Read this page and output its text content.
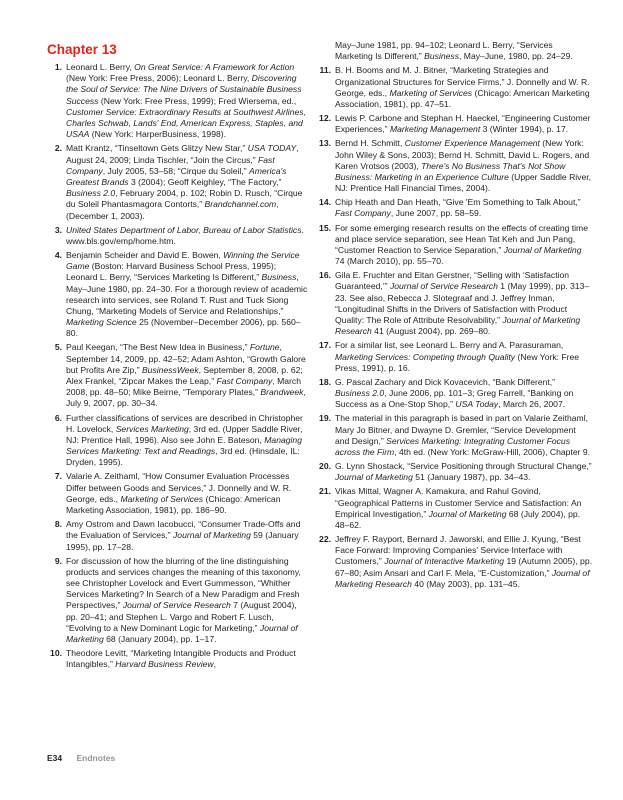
Chapter 13
1 . Leonard L. Berry, On Great Service: A Framework for Action (New York: Free Press, 2006); Leonard L. Berry, Discovering the Soul of Service: The Nine Drivers of Sustainable Business Success (New York: Free Press, 1999); Fred Wiersema, ed., Customer Service: Extraordinary Results at Southwest Airlines, Charles Schwab, Lands' End, American Express, Staples, and USAA (New York: HarperBusiness, 1998).
2 . Matt Krantz, “Tinseltown Gets Glitzy New Star,” USA TODAY, August 24, 2009; Linda Tischler, “Join the Circus,” Fast Company, July 2005, 53–58; “Cirque du Soleil,” America's Greatest Brands 3 (2004); Geoff Keighley, “The Factory,” Business 2.0, February 2004, p. 102; Robin D. Rusch, “Cirque du Soleil Phantasmagora Contorts,” Brandchannel.com, (December 1, 2003).
3 . United States Department of Labor, Bureau of Labor Statistics. www.bls.gov/emp/home.htm.
4 . Benjamin Scheider and David E. Bowen, Winning the Service Game (Boston: Harvard Business School Press, 1995); Leonard L. Berry, “Services Marketing Is Different,” Business, May–June 1980, pp. 24–30. For a thorough review of academic research into services, see Roland T. Rust and Tuck Siong Chung, “Marketing Models of Service and Relationships,” Marketing Science 25 (November–December 2006), pp. 560–80.
5 . Paul Keegan, “The Best New Idea in Business,” Fortune, September 14, 2009, pp. 42–52; Adam Ashton, “Growth Galore but Profits Are Zip,” BusinessWeek, September 8, 2008, p. 62; Alex Frankel, “Zipcar Makes the Leap,” Fast Company, March 2008, pp. 48–50; Mike Beirne, “Temporary Plates,” Brandweek, July 9, 2007, pp. 30–34.
6 . Further classifications of services are described in Christopher H. Lovelock, Services Marketing, 3rd ed. (Upper Saddle River, NJ: Prentice Hall, 1996). Also see John E. Bateson, Managing Services Marketing: Text and Readings, 3rd ed. (Hinsdale, IL: Dryden, 1995).
7 . Valarie A. Zeithaml, “How Consumer Evaluation Processes Differ between Goods and Services,” J. Donnelly and W. R. George, eds., Marketing of Services (Chicago: American Marketing Association, 1981), pp. 186–90.
8 . Amy Ostrom and Dawn Iacobucci, “Consumer Trade-Offs and the Evaluation of Services,” Journal of Marketing 59 (January 1995), pp. 17–28.
9 . For discussion of how the blurring of the line distinguishing products and services changes the meaning of this taxonomy, see Christopher Lovelock and Evert Gummesson, “Whither Services Marketing? In Search of a New Paradigm and Fresh Perspectives,” Journal of Service Research 7 (August 2004), pp. 20–41; and Stephen L. Vargo and Robert F. Lusch, “Evolving to a New Dominant Logic for Marketing,” Journal of Marketing 68 (January 2004), pp. 1–17.
10 . Theodore Levitt, “Marketing Intangible Products and Product Intangibles,” Harvard Business Review,
May–June 1981, pp. 94–102; Leonard L. Berry, “Services Marketing Is Different,” Business, May–June, 1980, pp. 24–29.
11 . B. H. Booms and M. J. Bitner, “Marketing Strategies and Organizational Structures for Service Firms,” J. Donnelly and W. R. George, eds., Marketing of Services (Chicago: American Marketing Association, 1981), pp. 47–51.
12 . Lewis P. Carbone and Stephan H. Haeckel, “Engineering Customer Experiences,” Marketing Management 3 (Winter 1994), p. 17.
13 . Bernd H. Schmitt, Customer Experience Management (New York: John Wiley & Sons, 2003); Bernd H. Schmitt, David L. Rogers, and Karen Vrotsos (2003), There's No Business That's Not Show Business: Marketing in an Experience Culture (Upper Saddle River, NJ: Prentice Hall Financial Times, 2004).
14 . Chip Heath and Dan Heath, “Give 'Em Something to Talk About,” Fast Company, June 2007, pp. 58–59.
15 . For some emerging research results on the effects of creating time and place service separation, see Hean Tat Keh and Jun Pang, “Customer Reaction to Service Separation,” Journal of Marketing 74 (March 2010), pp. 55–70.
16 . Gila E. Fruchter and Eitan Gerstner, “Selling with ‘Satisfaction Guaranteed,’” Journal of Service Research 1 (May 1999), pp. 313–23. See also, Rebecca J. Slotegraaf and J. Jeffrey Inman, “Longitudinal Shifts in the Drivers of Satisfaction with Product Quality: The Role of Attribute Resolvability,” Journal of Marketing Research 41 (August 2004), pp. 269–80.
17 . For a similar list, see Leonard L. Berry and A. Parasuraman, Marketing Services: Competing through Quality (New York: Free Press, 1991), p. 16.
18 . G. Pascal Zachary and Dick Kovacevich, “Bank Different,” Business 2.0, June 2006, pp. 101–3; Greg Farrell, “Banking on Success as a One-Stop Shop,” USA Today, March 26, 2007.
19 . The material in this paragraph is based in part on Valarie Zeithaml, Mary Jo Bitner, and Dwayne D. Gremler, “Service Development and Design,” Services Marketing: Integrating Customer Focus across the Firm, 4th ed. (New York: McGraw-Hill, 2006), Chapter 9.
20 . G. Lynn Shostack, “Service Positioning through Structural Change,” Journal of Marketing 51 (January 1987), pp. 34–43.
21 . Vikas Mittal, Wagner A. Kamakura, and Rahul Govind, “Geographical Patterns in Customer Service and Satisfaction: An Empirical Investigation,” Journal of Marketing 68 (July 2004), pp. 48–62.
22 . Jeffrey F. Rayport, Bernard J. Jaworski, and Ellie J. Kyung, “Best Face Forward: Improving Companies' Service Interface with Customers,” Journal of Interactive Marketing 19 (Autumn 2005), pp. 67–80; Asim Ansari and Carl F. Mela, “E-Customization,” Journal of Marketing Research 40 (May 2003), pp. 131–45.
E34 Endnotes
